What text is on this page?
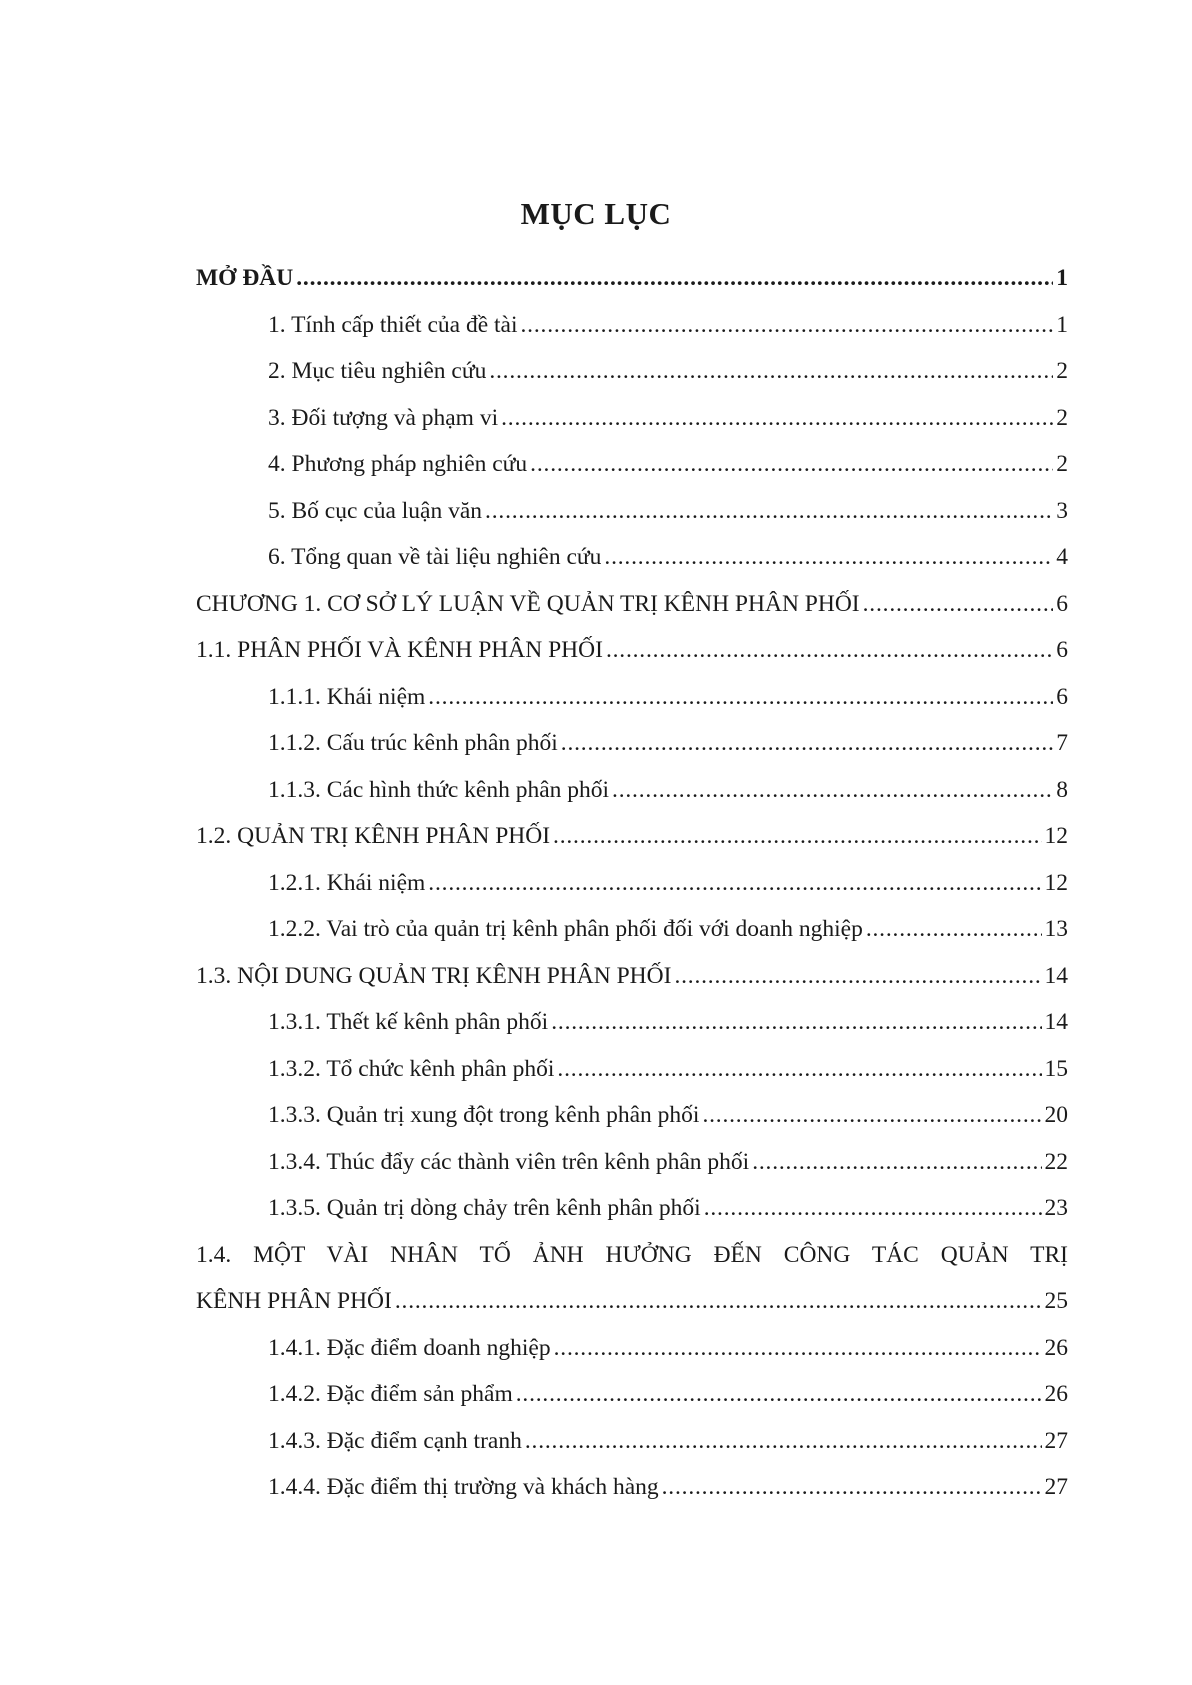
MỤC LỤC
MỞ ĐẦU .....	1
1. Tính cấp thiết của đề tài .....	1
2. Mục tiêu nghiên cứu .....	2
3. Đối tượng và phạm vi .....	2
4. Phương pháp nghiên cứu .....	2
5. Bố cục của luận văn .....	3
6. Tổng quan về tài liệu nghiên cứu .....	4
CHƯƠNG 1. CƠ SỞ LÝ LUẬN VỀ QUẢN TRỊ KÊNH PHÂN PHỐI .....	6
1.1. PHÂN PHỐI VÀ KÊNH PHÂN PHỐI .....	6
1.1.1. Khái niệm .....	6
1.1.2. Cấu trúc kênh phân phối .....	7
1.1.3. Các hình thức kênh phân phối .....	8
1.2. QUẢN TRỊ KÊNH PHÂN PHỐI .....	12
1.2.1. Khái niệm .....	12
1.2.2. Vai trò của quản trị kênh phân phối đối với doanh nghiệp .....	13
1.3. NỘI DUNG QUẢN TRỊ KÊNH PHÂN PHỐI .....	14
1.3.1. Thết kế kênh phân phối .....	14
1.3.2. Tổ chức kênh phân phối .....	15
1.3.3. Quản trị xung đột trong kênh phân phối .....	20
1.3.4. Thúc đẩy các thành viên trên kênh phân phối .....	22
1.3.5. Quản trị dòng chảy trên kênh phân phối .....	23
1.4. MỘT VÀI NHÂN TỐ ẢNH HƯỞNG ĐẾN CÔNG TÁC QUẢN TRỊ
KÊNH PHÂN PHỐI .....	25
1.4.1. Đặc điểm doanh nghiệp .....	26
1.4.2. Đặc điểm sản phẩm .....	26
1.4.3. Đặc điểm cạnh tranh .....	27
1.4.4. Đặc điểm thị trường và khách hàng .....	27
